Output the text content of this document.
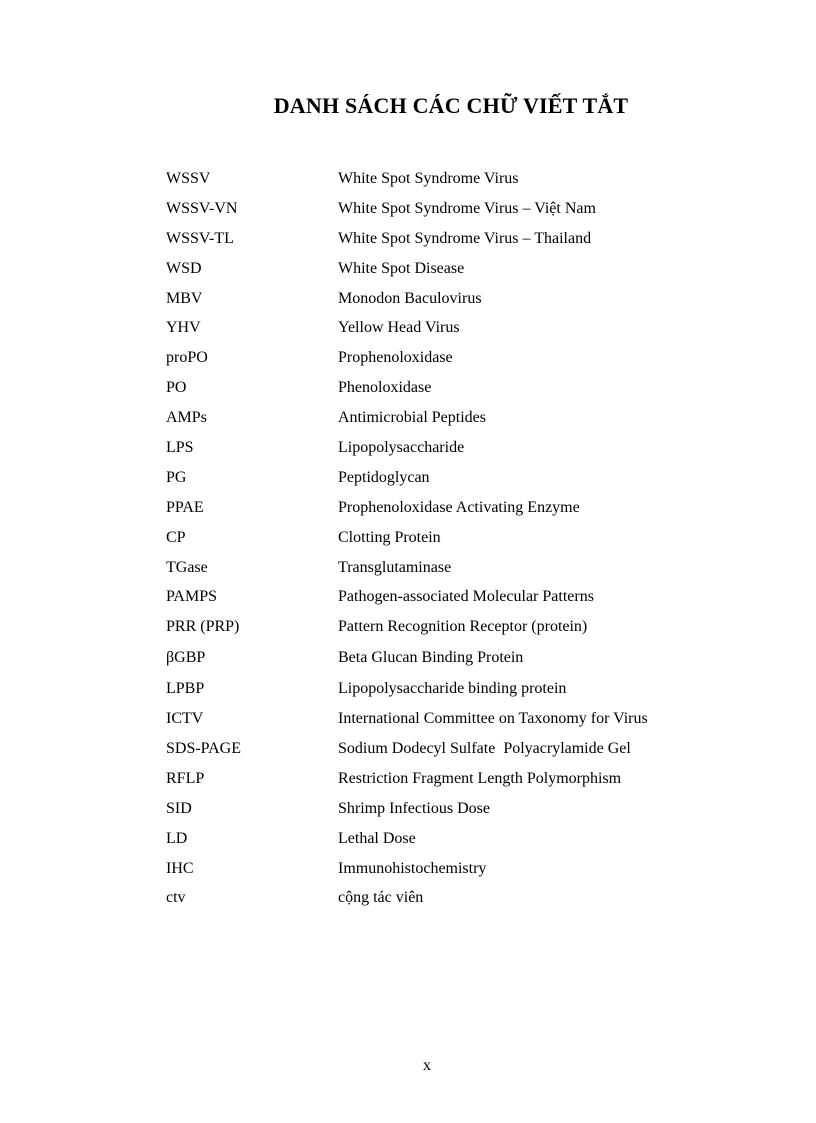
DANH SÁCH CÁC CHỮ VIẾT TẮT
WSSV	White Spot Syndrome Virus
WSSV-VN	White Spot Syndrome Virus – Việt Nam
WSSV-TL	White Spot Syndrome Virus – Thailand
WSD	White Spot Disease
MBV	Monodon Baculovirus
YHV	Yellow Head Virus
proPO	Prophenoloxidase
PO	Phenoloxidase
AMPs	Antimicrobial Peptides
LPS	Lipopolysaccharide
PG	Peptidoglycan
PPAE	Prophenoloxidase Activating Enzyme
CP	Clotting Protein
TGase	Transglutaminase
PAMPS	Pathogen-associated Molecular Patterns
PRR (PRP)	Pattern Recognition Receptor (protein)
βGBP	Beta Glucan Binding Protein
LPBP	Lipopolysaccharide binding protein
ICTV	International Committee on Taxonomy for Virus
SDS-PAGE	Sodium Dodecyl Sulfate  Polyacrylamide Gel
RFLP	Restriction Fragment Length Polymorphism
SID	Shrimp Infectious Dose
LD	Lethal Dose
IHC	Immunohistochemistry
ctv	cộng tác viên
x
